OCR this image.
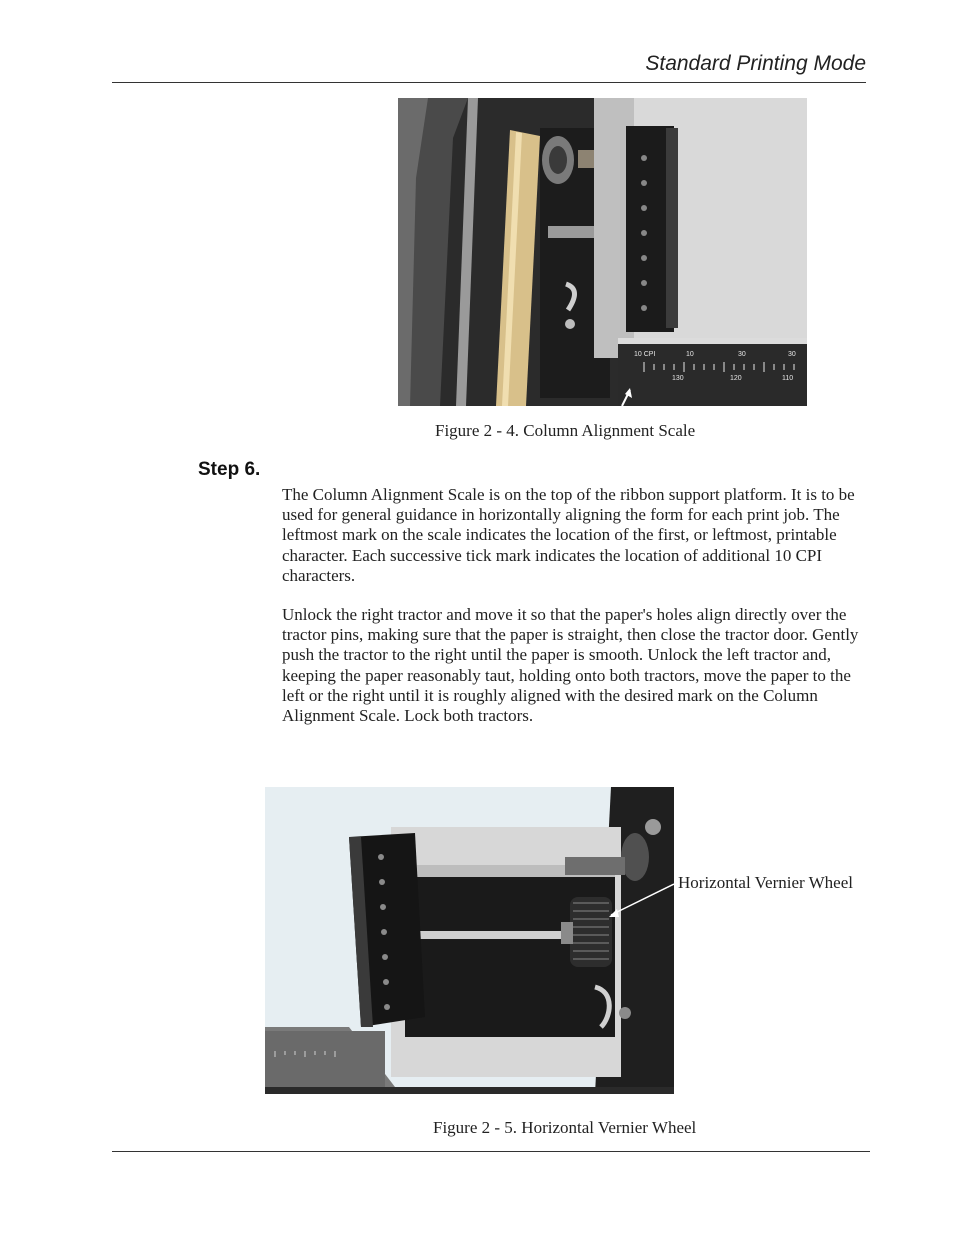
Standard Printing Mode
10 CPI	10	30	30
130	120	110
Figure 2 - 4. Column Alignment Scale
Step 6.
The Column Alignment Scale is on the top of the ribbon support platform. It is to be used for general guidance in horizontally aligning the form for each print job. The leftmost mark on the scale indicates the location of the first, or leftmost, printable character. Each successive tick mark indicates the location of additional 10 CPI characters.
Unlock the right tractor and move it so that the paper's holes align directly over the tractor pins, making sure that the paper is straight, then close the tractor door. Gently push the tractor to the right until the paper is smooth. Unlock the left tractor and, keeping the paper reasonably taut, holding onto both tractors, move the paper to the left or the right until it is roughly aligned with the desired mark on the Column Alignment Scale. Lock both tractors.
Horizontal Vernier Wheel
Figure 2 - 5. Horizontal Vernier Wheel
